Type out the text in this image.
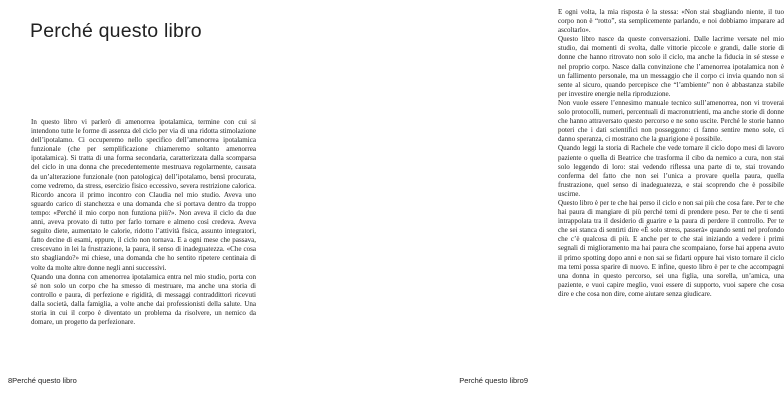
Perché questo libro

In questo libro vi parlerò di amenorrea ipotalamica, termine con cui si intendono tutte le forme di assenza del ciclo per via di una ridotta stimolazione dell’ipotalamo. Ci occuperemo nello specifico dell’amenorrea ipotalamica funzionale (che per semplificazione chiameremo soltanto amenorrea ipotalamica). Si tratta di una forma secondaria, caratterizzata dalla scomparsa del ciclo in una donna che precedentemente mestruava regolarmente, causata da un’alterazione funzionale (non patologica) dell’ipotalamo, bensì procurata, come vedremo, da stress, esercizio fisico eccessivo, severa restrizione calorica. Ricordo ancora il primo incontro con Claudia nel mio studio. Aveva uno sguardo carico di stanchezza e una domanda che si portava dentro da troppo tempo: «Perché il mio corpo non funziona più?». Non aveva il ciclo da due anni, aveva provato di tutto per farlo tornare e almeno così credeva. Aveva seguito diete, aumentato le calorie, ridotto l’attività fisica, assunto integratori, fatto decine di esami, eppure, il ciclo non tornava. E a ogni mese che passava, crescevano in lei la frustrazione, la paura, il senso di inadeguatezza. «Che cosa sto sbagliando?» mi chiese, una domanda che ho sentito ripetere centinaia di volte da molte altre donne negli anni successivi.

Quando una donna con amenorrea ipotalamica entra nel mio studio, porta con sé non solo un corpo che ha smesso di mestruare, ma anche una storia di controllo e paura, di perfezione e rigidità, di messaggi contraddittori ricevuti dalla società, dalla famiglia, a volte anche dai professionisti della salute. Una storia in cui il corpo è diventato un problema da risolvere, un nemico da domare, un progetto da perfezionare.

8Perché questo libro

E ogni volta, la mia risposta è la stessa: «Non stai sbagliando niente, il tuo corpo non è “rotto”, sta semplicemente parlando, e noi dobbiamo imparare ad ascoltarlo».

Questo libro nasce da queste conversazioni. Dalle lacrime versate nel mio studio, dai momenti di svolta, dalle vittorie piccole e grandi, dalle storie di donne che hanno ritrovato non solo il ciclo, ma anche la fiducia in sé stesse e nel proprio corpo. Nasce dalla convinzione che l’amenorrea ipotalamica non è un fallimento personale, ma un messaggio che il corpo ci invia quando non si sente al sicuro, quando percepisce che “l’ambiente” non è abbastanza stabile per investire energie nella riproduzione.

Non vuole essere l’ennesimo manuale tecnico sull’amenorrea, non vi troverai solo protocolli, numeri, percentuali di macronutrienti, ma anche storie di donne che hanno attraversato questo percorso e ne sono uscite. Perché le storie hanno poteri che i dati scientifici non posseggono: ci fanno sentire meno sole, ci danno speranza, ci mostrano che la guarigione è possibile.

Quando leggi la storia di Rachele che vede tornare il ciclo dopo mesi di lavoro paziente o quella di Beatrice che trasforma il cibo da nemico a cura, non stai solo leggendo di loro: stai vedendo riflessa una parte di te, stai trovando conferma del fatto che non sei l’unica a provare quella paura, quella frustrazione, quel senso di inadeguatezza, e stai scoprendo che è possibile uscirne.

Questo libro è per te che hai perso il ciclo e non sai più che cosa fare. Per te che hai paura di mangiare di più perché temi di prendere peso. Per te che ti senti intrappolata tra il desiderio di guarire e la paura di perdere il controllo. Per te che sei stanca di sentirti dire «È solo stress, passerà» quando senti nel profondo che c’è qualcosa di più. E anche per te che stai iniziando a vedere i primi segnali di miglioramento ma hai paura che scompaiano, forse hai appena avuto il primo spotting dopo anni e non sai se fidarti oppure hai visto tornare il ciclo ma temi possa sparire di nuovo. E infine, questo libro è per te che accompagni una donna in questo percorso, sei una figlia, una sorella, un’amica, una paziente, e vuoi capire meglio, vuoi essere di supporto, vuoi sapere che cosa dire e che cosa non dire, come aiutare senza giudicare.

Perché questo libro9
